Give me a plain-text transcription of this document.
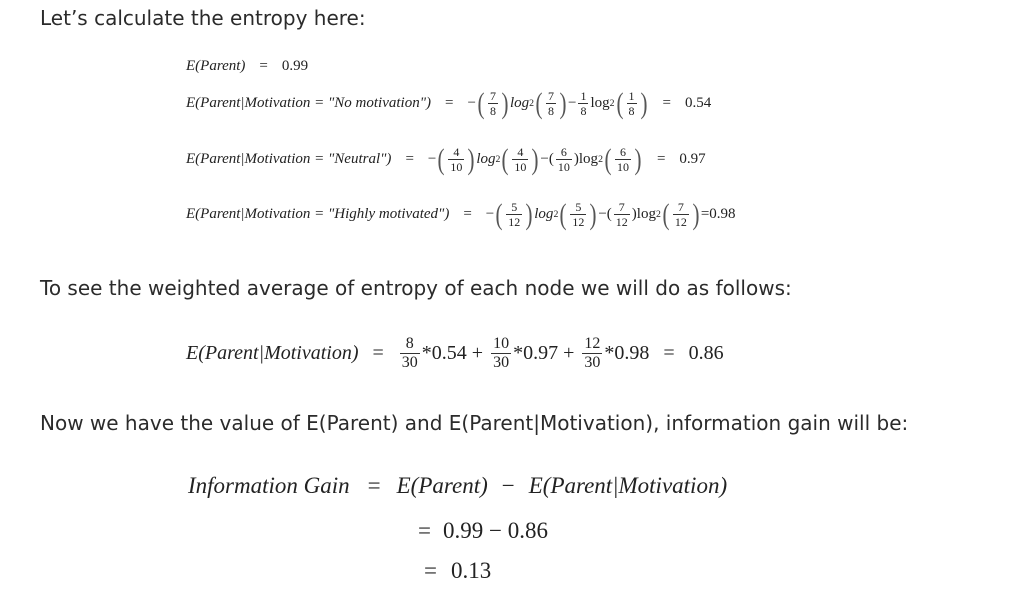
Let’s calculate the entropy here:
E(Parent) = 0.99
E(Parent|Motivation = "No motivation") = − ( $\frac{7}{8}$ ) log 2 ( $\frac{7}{8}$ ) − $\frac{1}{8}$ log 2 ( $\frac{1}{8}$ ) = 0.54
E(Parent|Motivation = "Neutral") = − ( $\frac{4}{10}$ ) log 2 ( $\frac{4}{10}$ ) − ( $\frac{6}{10}$ ) log 2 ( $\frac{6}{10}$ ) = 0.97
E(Parent|Motivation = "Highly motivated") = − ( $\frac{5}{12}$ ) log 2 ( $\frac{5}{12}$ ) − ( $\frac{7}{12}$ ) log 2 ( $\frac{7}{12}$ ) = 0.98
To see the weighted average of entropy of each node we will do as follows:
E(Parent|Motivation) = $\frac{8}{30} *0.54 + \frac{10}{30} *0.97 + \frac{12}{30} *0.98 = 0.86$
Now we have the value of E(Parent) and E(Parent|Motivation), information gain will be:
Information Gain = E(Parent) − E(Parent|Motivation)
= 0.99 − 0.86
= 0.13
